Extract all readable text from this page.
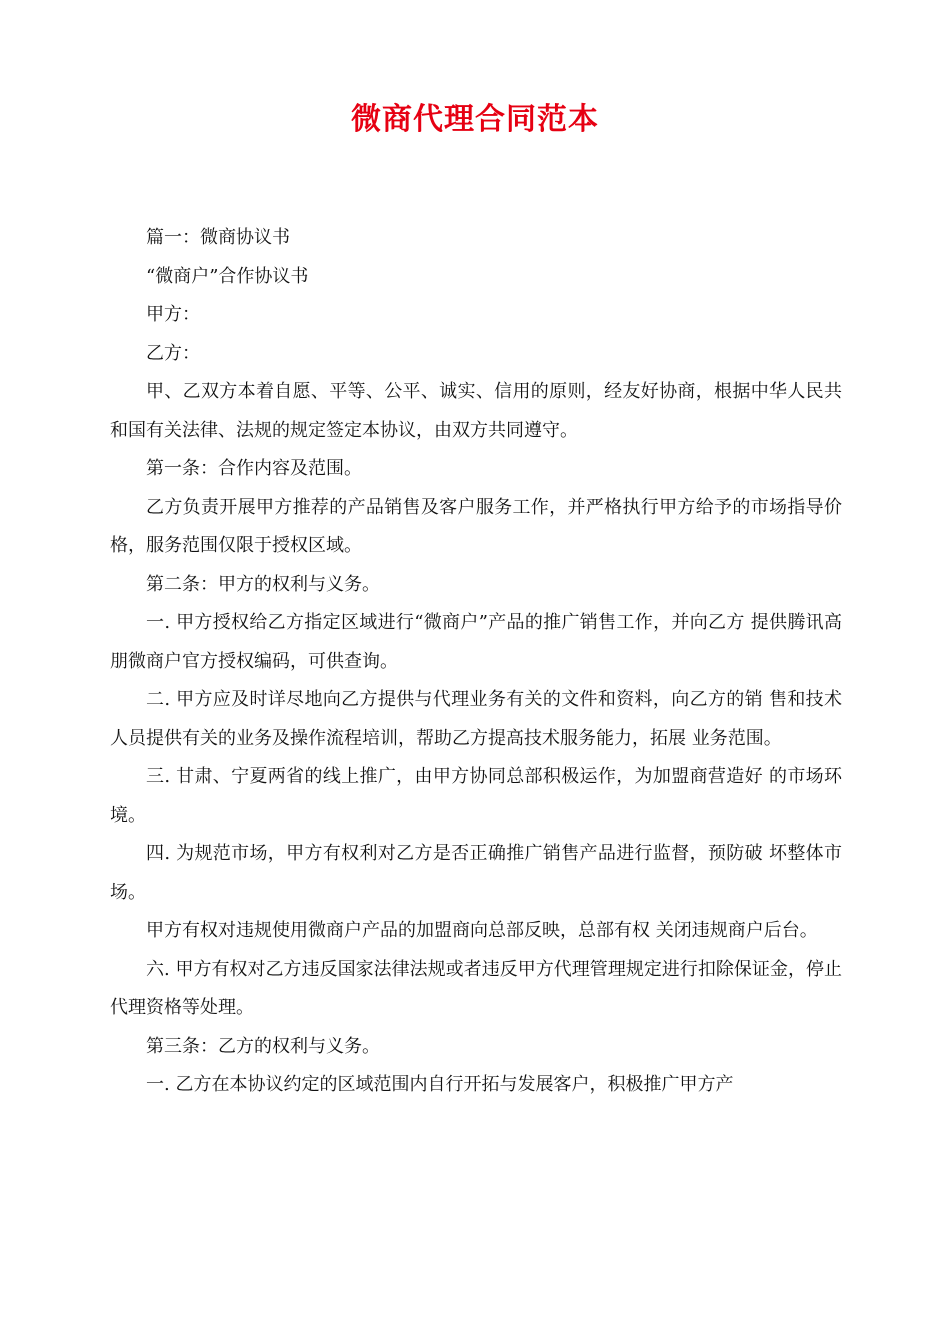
微商代理合同范本

篇一：微商协议书

“微商户”合作协议书

甲方：

乙方：

甲、乙双方本着自愿、平等、公平、诚实、信用的原则，经友好协商，根据中华人民共和国有关法律、法规的规定签定本协议，由双方共同遵守。

第一条：合作内容及范围。

乙方负责开展甲方推荐的产品销售及客户服务工作，并严格执行甲方给予的市场指导价格，服务范围仅限于授权区域。

第二条：甲方的权利与义务。

一. 甲方授权给乙方指定区域进行“微商户”产品的推广销售工作，并向乙方 提供腾讯高朋微商户官方授权编码，可供查询。

二. 甲方应及时详尽地向乙方提供与代理业务有关的文件和资料，向乙方的销 售和技术人员提供有关的业务及操作流程培训，帮助乙方提高技术服务能力，拓展 业务范围。

三. 甘肃、宁夏两省的线上推广，由甲方协同总部积极运作，为加盟商营造好 的市场环境。

四. 为规范市场，甲方有权利对乙方是否正确推广销售产品进行监督，预防破 坏整体市场。

甲方有权对违规使用微商户产品的加盟商向总部反映，总部有权 关闭违规商户后台。

六. 甲方有权对乙方违反国家法律法规或者违反甲方代理管理规定进行扣除保证金，停止代理资格等处理。

第三条：乙方的权利与义务。

一. 乙方在本协议约定的区域范围内自行开拓与发展客户，积极推广甲方产
